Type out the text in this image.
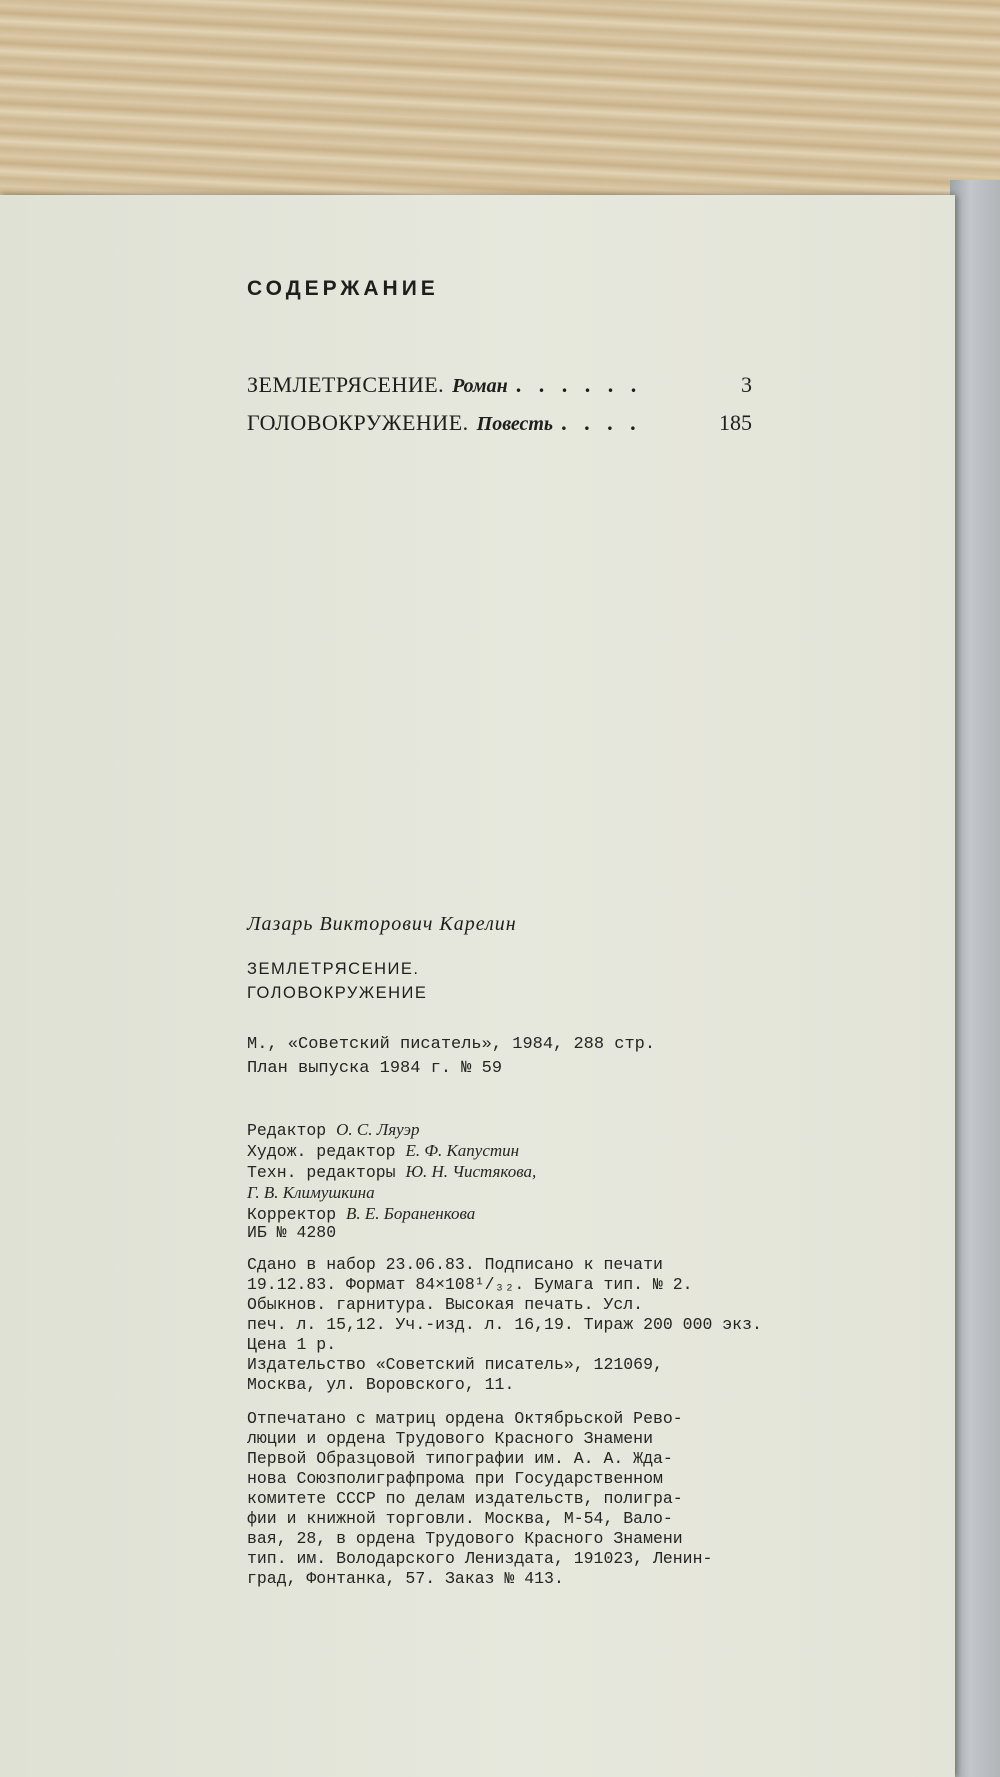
СОДЕРЖАНИЕ
ЗЕМЛЕТРЯСЕНИЕ. Роман . . . . . .	3
ГОЛОВОКРУЖЕНИЕ. Повесть . . . .	185
Лазарь Викторович Карелин
ЗЕМЛЕТРЯСЕНИЕ.
ГОЛОВОКРУЖЕНИЕ

М., «Советский писатель», 1984, 288 стр.

План выпуска 1984 г. № 59

Редактор О. С. Ляуэр

Худож. редактор Е. Ф. Капустин

Техн. редакторы Ю. Н. Чистякова,

Г. В. Климушкина

Корректор В. Е. Бораненкова

ИБ № 4280

Сдано в набор 23.06.83. Подписано к печати

19.12.83. Формат 84×108¹/₃₂. Бумага тип. № 2.

Обыкнов. гарнитура. Высокая печать. Усл.

печ. л. 15,12. Уч.-изд. л. 16,19. Тираж 200 000 экз.

Цена 1 р.

Издательство «Советский писатель», 121069,

Москва, ул. Воровского, 11.

Отпечатано с матриц ордена Октябрьской Рево-

люции и ордена Трудового Красного Знамени

Первой Образцовой типографии им. А. А. Жда-

нова Союзполиграфпрома при Государственном

комитете СССР по делам издательств, полигра-

фии и книжной торговли. Москва, М-54, Вало-

вая, 28, в ордена Трудового Красного Знамени

тип. им. Володарского Лениздата, 191023, Ленин-

град, Фонтанка, 57. Заказ № 413.
